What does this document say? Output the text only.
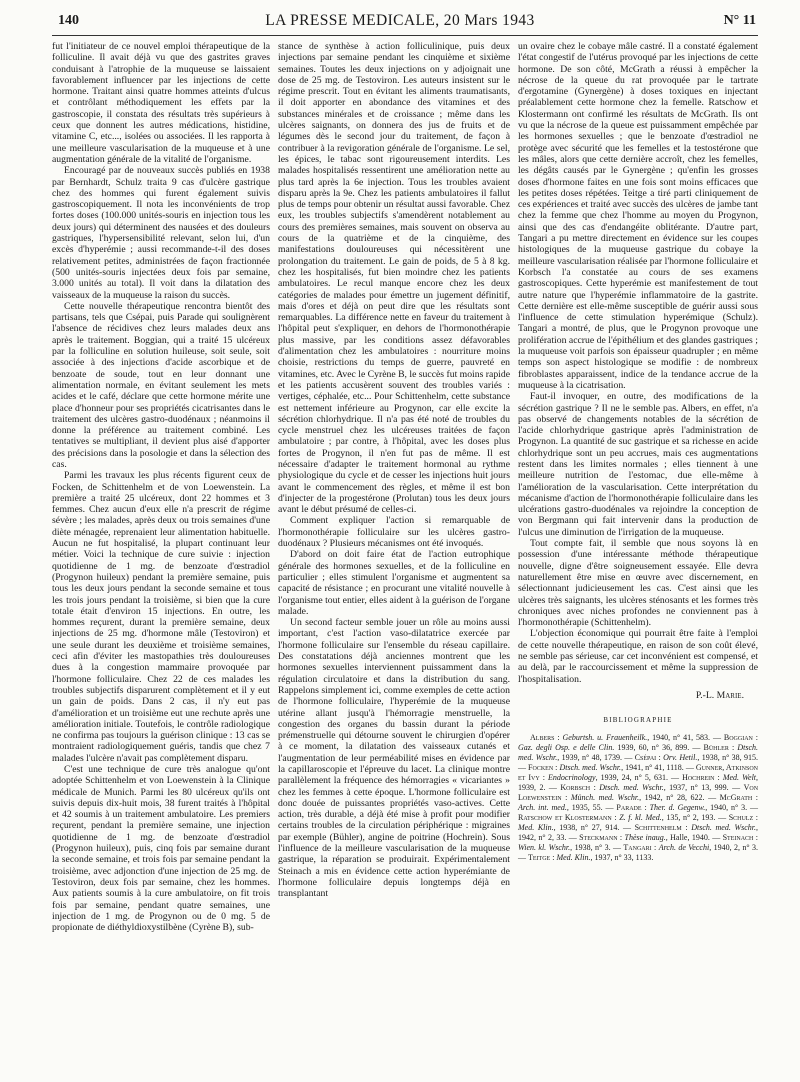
140	LA PRESSE MEDICALE, 20 Mars 1943	N° 11

fut l'initiateur de ce nouvel emploi thérapeutique de la folliculine. Il avait déjà vu que des gastrites graves conduisant à l'atrophie de la muqueuse se laissaient favorablement influencer par les injections de cette hormone. Traitant ainsi quatre hommes atteints d'ulcus et contrôlant méthodiquement les effets par la gastroscopie, il constata des résultats très supérieurs à ceux que donnent les autres médications, histidine, vitamine C, etc..., isolées ou associées. Il les rapporta à une meilleure vascularisation de la muqueuse et à une augmentation générale de la vitalité de l'organisme.

Encouragé par de nouveaux succès publiés en 1938 par Bernhardt, Schulz traita 9 cas d'ulcère gastrique chez des hommes qui furent également suivis gastroscopiquement. Il nota les inconvénients de trop fortes doses (100.000 unités-souris en injection tous les deux jours) qui déterminent des nausées et des douleurs gastriques, l'hypersensibilité relevant, selon lui, d'un excès d'hyperémie ; aussi recommande-t-il des doses relativement petites, administrées de façon fractionnée (500 unités-souris injectées deux fois par semaine, 3.000 unités au total). Il voit dans la dilatation des vaisseaux de la muqueuse la raison du succès.

Cette nouvelle thérapeutique rencontra bientôt des partisans, tels que Csépai, puis Parade qui soulignèrent l'absence de récidives chez leurs malades deux ans après le traitement. Boggian, qui a traité 15 ulcéreux par la folliculine en solution huileuse, soit seule, soit associée à des injections d'acide ascorbique et de benzoate de soude, tout en leur donnant une alimentation normale, en évitant seulement les mets acides et le café, déclare que cette hormone mérite une place d'honneur pour ses propriétés cicatrisantes dans le traitement des ulcères gastro-duodénaux ; néanmoins il donne la préférence au traitement combiné. Les tentatives se multipliant, il devient plus aisé d'apporter des précisions dans la posologie et dans la sélection des cas.

Parmi les travaux les plus récents figurent ceux de Focken, de Schittenhelm et de von Loewenstein. La première a traité 25 ulcéreux, dont 22 hommes et 3 femmes. Chez aucun d'eux elle n'a prescrit de régime sévère ; les malades, après deux ou trois semaines d'une diète ménagée, reprenaient leur alimentation habituelle. Aucun ne fut hospitalisé, la plupart continuant leur métier. Voici la technique de cure suivie : injection quotidienne de 1 mg. de benzoate d'œstradiol (Progynon huileux) pendant la première semaine, puis tous les deux jours pendant la seconde semaine et tous les trois jours pendant la troisième, si bien que la cure totale était d'environ 15 injections. En outre, les hommes reçurent, durant la première semaine, deux injections de 25 mg. d'hormone mâle (Testoviron) et une seule durant les deuxième et troisième semaines, ceci afin d'éviter les mastopathies très douloureuses dues à la congestion mammaire provoquée par l'hormone folliculaire. Chez 22 de ces malades les troubles subjectifs disparurent complètement et il y eut un gain de poids. Dans 2 cas, il n'y eut pas d'amélioration et un troisième eut une rechute après une amélioration initiale. Toutefois, le contrôle radiologique ne confirma pas toujours la guérison clinique : 13 cas se montraient radiologiquement guéris, tandis que chez 7 malades l'ulcère n'avait pas complètement disparu.

C'est une technique de cure très analogue qu'ont adoptée Schittenhelm et von Loewenstein à la Clinique médicale de Munich. Parmi les 80 ulcéreux qu'ils ont suivis depuis dix-huit mois, 38 furent traités à l'hôpital et 42 soumis à un traitement ambulatoire. Les premiers reçurent, pendant la première semaine, une injection quotidienne de 1 mg. de benzoate d'œstradiol (Progynon huileux), puis, cinq fois par semaine durant la seconde semaine, et trois fois par semaine pendant la troisième, avec adjonction d'une injection de 25 mg. de Testoviron, deux fois par semaine, chez les hommes. Aux patients soumis à la cure ambulatoire, on fit trois fois par semaine, pendant quatre semaines, une injection de 1 mg. de Progynon ou de 0 mg. 5 de propionate de diéthyldioxystilbène (Cyrène B), sub-

stance de synthèse à action folliculinique, puis deux injections par semaine pendant les cinquième et sixième semaines. Toutes les deux injections on y adjoignait une dose de 25 mg. de Testoviron. Les auteurs insistent sur le régime prescrit. Tout en évitant les aliments traumatisants, il doit apporter en abondance des vitamines et des substances minérales et de croissance ; même dans les ulcères saignants, on donnera des jus de fruits et de légumes dès le second jour du traitement, de façon à contribuer à la revigoration générale de l'organisme. Le sel, les épices, le tabac sont rigoureusement interdits. Les malades hospitalisés ressentirent une amélioration nette au plus tard après la 6e injection. Tous les troubles avaient disparu après la 9e. Chez les patients ambulatoires il fallut plus de temps pour obtenir un résultat aussi favorable. Chez eux, les troubles subjectifs s'amendèrent notablement au cours des premières semaines, mais souvent on observa au cours de la quatrième et de la cinquième, des manifestations douloureuses qui nécessitèrent une prolongation du traitement. Le gain de poids, de 5 à 8 kg. chez les hospitalisés, fut bien moindre chez les patients ambulatoires. Le recul manque encore chez les deux catégories de malades pour émettre un jugement définitif, mais d'ores et déjà on peut dire que les résultats sont remarquables. La différence nette en faveur du traitement à l'hôpital peut s'expliquer, en dehors de l'hormonothérapie plus massive, par les conditions assez défavorables d'alimentation chez les ambulatoires : nourriture moins choisie, restrictions du temps de guerre, pauvreté en vitamines, etc. Avec le Cyrène B, le succès fut moins rapide et les patients accusèrent souvent des troubles variés : vertiges, céphalée, etc... Pour Schittenhelm, cette substance est nettement inférieure au Progynon, car elle excite la sécrétion chlorhydrique. Il n'a pas été noté de troubles du cycle menstruel chez les ulcéreuses traitées de façon ambulatoire ; par contre, à l'hôpital, avec les doses plus fortes de Progynon, il n'en fut pas de même. Il est nécessaire d'adapter le traitement hormonal au rythme physiologique du cycle et de cesser les injections huit jours avant le commencement des règles, et même il est bon d'injecter de la progestérone (Prolutan) tous les deux jours avant le début présumé de celles-ci.

Comment expliquer l'action si remarquable de l'hormonothérapie folliculaire sur les ulcères gastro-duodénaux ? Plusieurs mécanismes ont été invoqués.

D'abord on doit faire état de l'action eutrophique générale des hormones sexuelles, et de la folliculine en particulier ; elles stimulent l'organisme et augmentent sa capacité de résistance ; en procurant une vitalité nouvelle à l'organisme tout entier, elles aident à la guérison de l'organe malade.

Un second facteur semble jouer un rôle au moins aussi important, c'est l'action vaso-dilatatrice exercée par l'hormone folliculaire sur l'ensemble du réseau capillaire. Des constatations déjà anciennes montrent que les hormones sexuelles interviennent puissamment dans la régulation circulatoire et dans la distribution du sang. Rappelons simplement ici, comme exemples de cette action de l'hormone folliculaire, l'hyperémie de la muqueuse utérine allant jusqu'à l'hémorragie menstruelle, la congestion des organes du bassin durant la période prémenstruelle qui détourne souvent le chirurgien d'opérer à ce moment, la dilatation des vaisseaux cutanés et l'augmentation de leur perméabilité mises en évidence par la capillaroscopie et l'épreuve du lacet. La clinique montre parallèlement la fréquence des hémorragies « vicariantes » chez les femmes à cette époque. L'hormone folliculaire est donc douée de puissantes propriétés vaso-actives. Cette action, très durable, a déjà été mise à profit pour modifier certains troubles de la circulation périphérique : migraines par exemple (Bühler), angine de poitrine (Hochrein). Sous l'influence de la meilleure vascularisation de la muqueuse gastrique, la réparation se produirait. Expérimentalement Steinach a mis en évidence cette action hyperémiante de l'hormone folliculaire depuis longtemps déjà en transplantant

un ovaire chez le cobaye mâle castré. Il a constaté également l'état congestif de l'utérus provoqué par les injections de cette hormone. De son côté, McGrath a réussi à empêcher la nécrose de la queue du rat provoquée par le tartrate d'ergotamine (Gynergène) à doses toxiques en injectant préalablement cette hormone chez la femelle. Ratschow et Klostermann ont confirmé les résultats de McGrath. Ils ont vu que la nécrose de la queue est puissamment empêchée par les hormones sexuelles ; que le benzoate d'œstradiol ne protège avec sécurité que les femelles et la testostérone que les mâles, alors que cette dernière accroît, chez les femelles, les dégâts causés par le Gynergène ; qu'enfin les grosses doses d'hormone faites en une fois sont moins efficaces que les petites doses répétées. Teitge a tiré parti cliniquement de ces expériences et traité avec succès des ulcères de jambe tant chez la femme que chez l'homme au moyen du Progynon, ainsi que des cas d'endangéite oblitérante. D'autre part, Tangari a pu mettre directement en évidence sur les coupes histologiques de la muqueuse gastrique du cobaye la meilleure vascularisation réalisée par l'hormone folliculaire et Korbsch l'a constatée au cours de ses examens gastroscopiques. Cette hyperémie est manifestement de tout autre nature que l'hyperémie inflammatoire de la gastrite. Cette dernière est elle-même susceptible de guérir aussi sous l'influence de cette stimulation hyperémique (Schulz). Tangari a montré, de plus, que le Progynon provoque une prolifération accrue de l'épithélium et des glandes gastriques ; la muqueuse voit parfois son épaisseur quadrupler ; en même temps son aspect histologique se modifie : de nombreux fibroblastes apparaissent, indice de la tendance accrue de la muqueuse à la cicatrisation.

Faut-il invoquer, en outre, des modifications de la sécrétion gastrique ? Il ne le semble pas. Albers, en effet, n'a pas observé de changements notables de la sécrétion de l'acide chlorhydrique gastrique après l'administration de Progynon. La quantité de suc gastrique et sa richesse en acide chlorhydrique sont un peu accrues, mais ces augmentations restent dans les limites normales ; elles tiennent à une meilleure nutrition de l'estomac, due elle-même à l'amélioration de la vascularisation. Cette interprétation du mécanisme d'action de l'hormonothérapie folliculaire dans les ulcérations gastro-duodénales va rejoindre la conception de von Bergmann qui fait intervenir dans la production de l'ulcus une diminution de l'irrigation de la muqueuse.

Tout compte fait, il semble que nous soyons là en possession d'une intéressante méthode thérapeutique nouvelle, digne d'être soigneusement essayée. Elle devra naturellement être mise en œuvre avec discernement, en sélectionnant judicieusement les cas. C'est ainsi que les ulcères très saignants, les ulcères sténosants et les formes très chroniques avec niches profondes ne conviennent pas à l'hormonothérapie (Schittenhelm).

L'objection économique qui pourrait être faite à l'emploi de cette nouvelle thérapeutique, en raison de son coût élevé, ne semble pas sérieuse, car cet inconvénient est compensé, et au delà, par le raccourcissement et même la suppression de l'hospitalisation.

P.-L. Marie.
BIBLIOGRAPHIE

Albers : Geburtsh. u. Frauenheilk., 1940, n° 41, 583. — Boggian : Gaz. degli Osp. e delle Clin. 1939, 60, n° 36, 899. — Bühler : Dtsch. med. Wschr., 1939, n° 48, 1739. — Csépai : Orv. Hetil., 1938, n° 38, 915. — Focken : Dtsch. med. Wschr., 1941, n° 41, 1118. — Gunner, Atkinson et Ivy : Endocrinology, 1939, 24, n° 5, 631. — Hochrein : Med. Welt, 1939, 2. — Korbsch : Dtsch. med. Wschr., 1937, n° 13, 999. — Von Loewenstein : Münch. med. Wschr., 1942, n° 28, 622. — McGrath : Arch. int. med., 1935, 55. — Parade : Ther. d. Gegenw., 1940, n° 3. — Ratschow et Klostermann : Z. f. kl. Med., 135, n° 2, 193. — Schulz : Med. Klin., 1938, n° 27, 914. — Schittenhelm : Dtsch. med. Wschr., 1942, n° 2, 33. — Steckmann : Thèse inaug., Halle, 1940. — Steinach : Wien. kl. Wschr., 1938, n° 3. — Tangari : Arch. de Vecchi, 1940, 2, n° 3. — Teitge : Med. Klin., 1937, n° 33, 1133.
